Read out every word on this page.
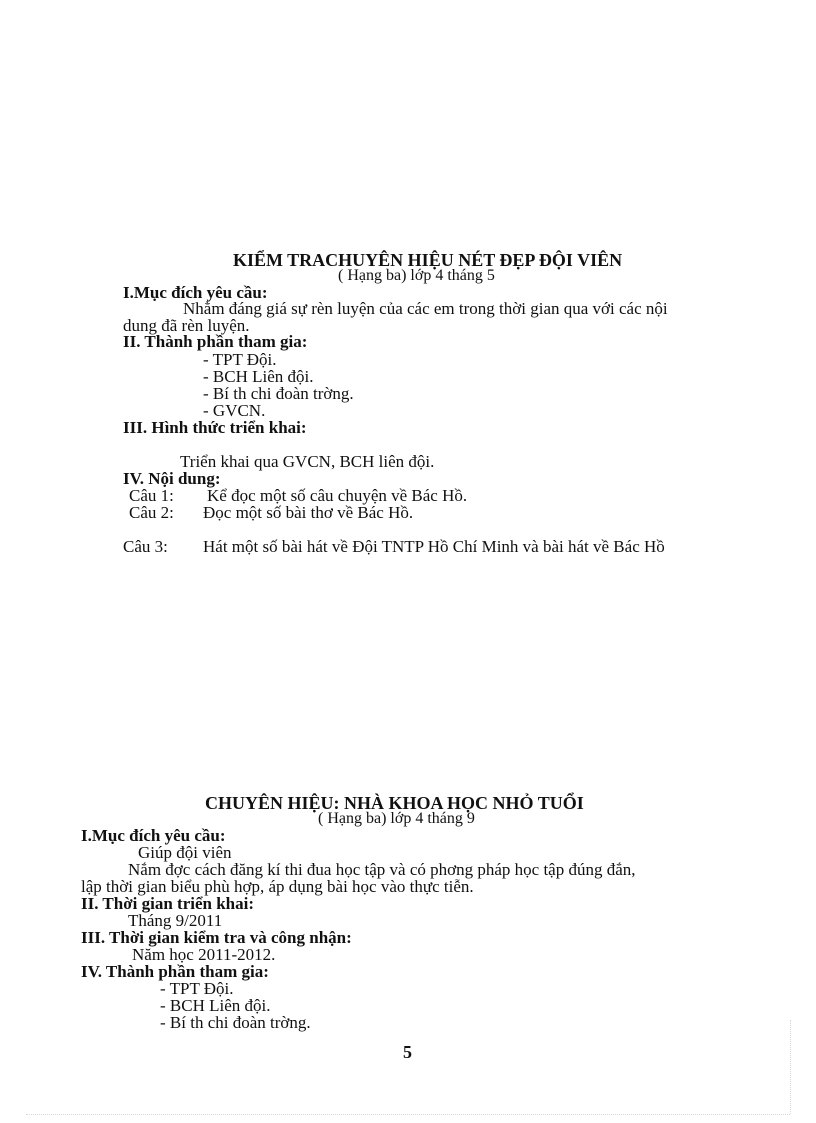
KIỂM TRACHUYÊN HIỆU NÉT ĐẸP ĐỘI VIÊN
( Hạng ba) lớp 4 tháng 5
I.Mục đích yêu cầu:
Nhằm đáng giá sự rèn luyện của các em trong thời gian qua với các nội
dung đã rèn luyện.
II. Thành phần tham gia:
- TPT Đội.
- BCH Liên đội.
- Bí th chi đoàn trờng.
- GVCN.
III. Hình thức triển khai:
Triển khai qua GVCN, BCH liên đội.
IV. Nội dung:
Câu 1: Kể đọc một số câu chuyện về Bác Hồ.
Câu 2: Đọc một số bài thơ về Bác Hồ.
Câu 3: Hát một số bài hát về Đội TNTP Hồ Chí Minh và bài hát về Bác Hồ
CHUYÊN HIỆU: NHÀ KHOA HỌC NHỎ TUỔI
( Hạng ba) lớp 4 tháng 9
I.Mục đích yêu cầu:
Giúp đội viên
Nắm đợc cách đăng kí thi đua học tập và có phơng pháp học tập đúng đắn,
lập thời gian biểu phù hợp, áp dụng bài học vào thực tiễn.
II. Thời gian triển khai:
Tháng 9/2011
III. Thời gian kiểm tra và công nhận:
Năm học 2011-2012.
IV. Thành phần tham gia:
- TPT Đội.
- BCH Liên đội.
- Bí th chi đoàn trờng.
5
